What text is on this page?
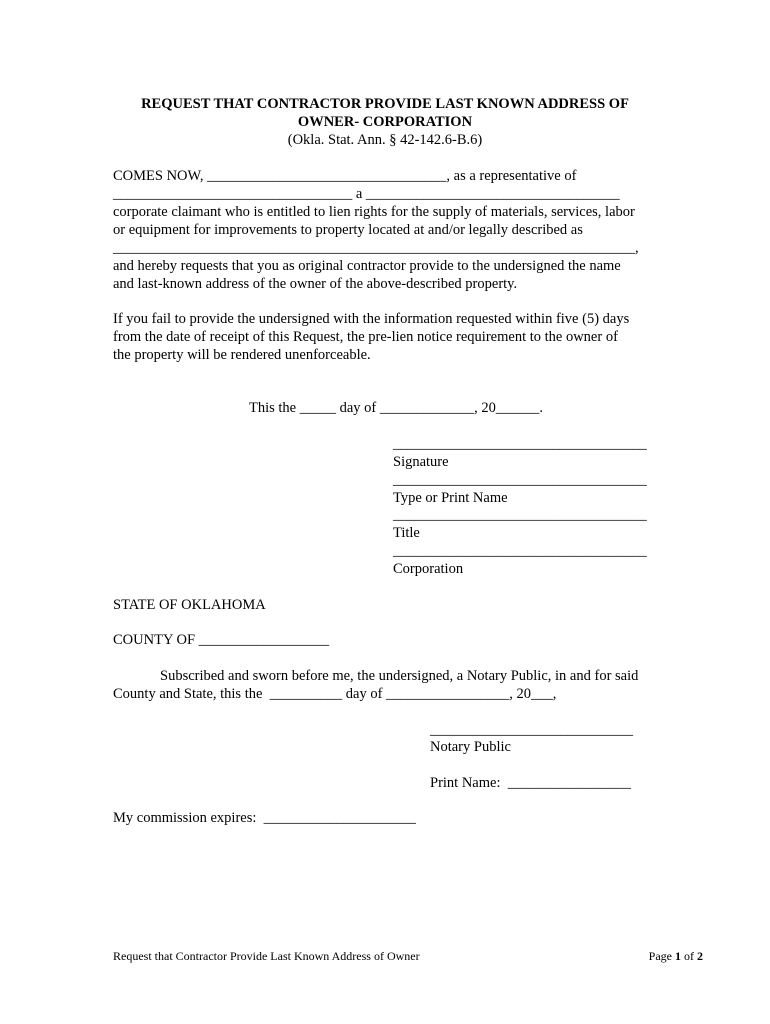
REQUEST THAT CONTRACTOR PROVIDE LAST KNOWN ADDRESS OF
OWNER- CORPORATION
(Okla. Stat. Ann. § 42-142.6-B.6)
COMES NOW, _________________________________, as a representative of
_________________________________ a ___________________________________
corporate claimant who is entitled to lien rights for the supply of materials, services, labor
or equipment for improvements to property located at and/or legally described as
________________________________________________________________________,
and hereby requests that you as original contractor provide to the undersigned the name
and last-known address of the owner of the above-described property.
If you fail to provide the undersigned with the information requested within five (5) days
from the date of receipt of this Request, the pre-lien notice requirement to the owner of
the property will be rendered unenforceable.
This the _____ day of _____________, 20______.
___________________________________
Signature
___________________________________
Type or Print Name
___________________________________
Title
___________________________________
Corporation
STATE OF OKLAHOMA
COUNTY OF __________________
Subscribed and sworn before me, the undersigned, a Notary Public, in and for said
County and State, this the  __________ day of _________________, 20___,
____________________________
Notary Public
Print Name:  _________________
My commission expires:  _____________________
Request that Contractor Provide Last Known Address of Owner	Page 1 of 2
